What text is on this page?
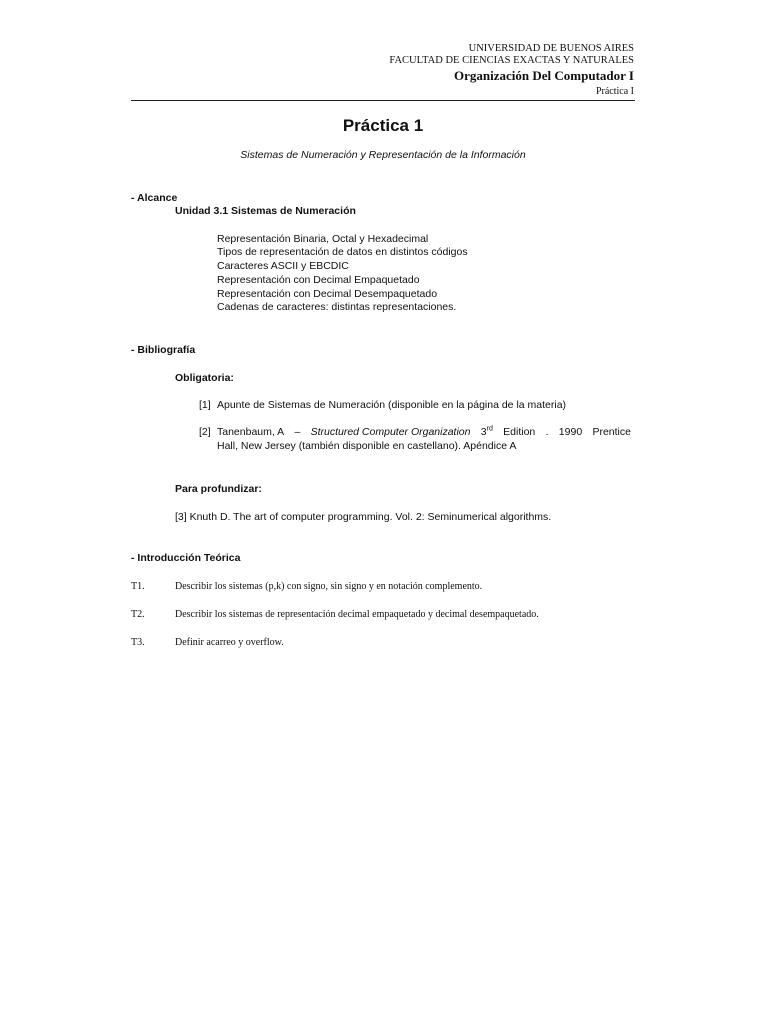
UNIVERSIDAD DE BUENOS AIRES
FACULTAD DE CIENCIAS EXACTAS Y NATURALES
Organización Del Computador I
Práctica I
Práctica 1
Sistemas de Numeración y Representación de la Información
- Alcance
Unidad 3.1 Sistemas de Numeración
Representación Binaria, Octal y Hexadecimal
Tipos de representación de datos en distintos códigos
Caracteres ASCII y EBCDIC
Representación con Decimal Empaquetado
Representación con Decimal Desempaquetado
Cadenas de caracteres: distintas representaciones.
- Bibliografía
Obligatoria:
[1] Apunte de Sistemas de Numeración (disponible en la página de la materia)
[2] Tanenbaum, A – Structured Computer Organization 3rd Edition . 1990 Prentice
Hall, New Jersey (también disponible en castellano). Apéndice A
Para profundizar:
[3] Knuth D. The art of computer programming. Vol. 2: Seminumerical algorithms.
- Introducción Teórica
T1.	Describir los sistemas (p,k) con signo, sin signo y en notación complemento.
T2.	Describir los sistemas de representación decimal empaquetado y decimal desempaquetado.
T3.	Definir acarreo y overflow.
